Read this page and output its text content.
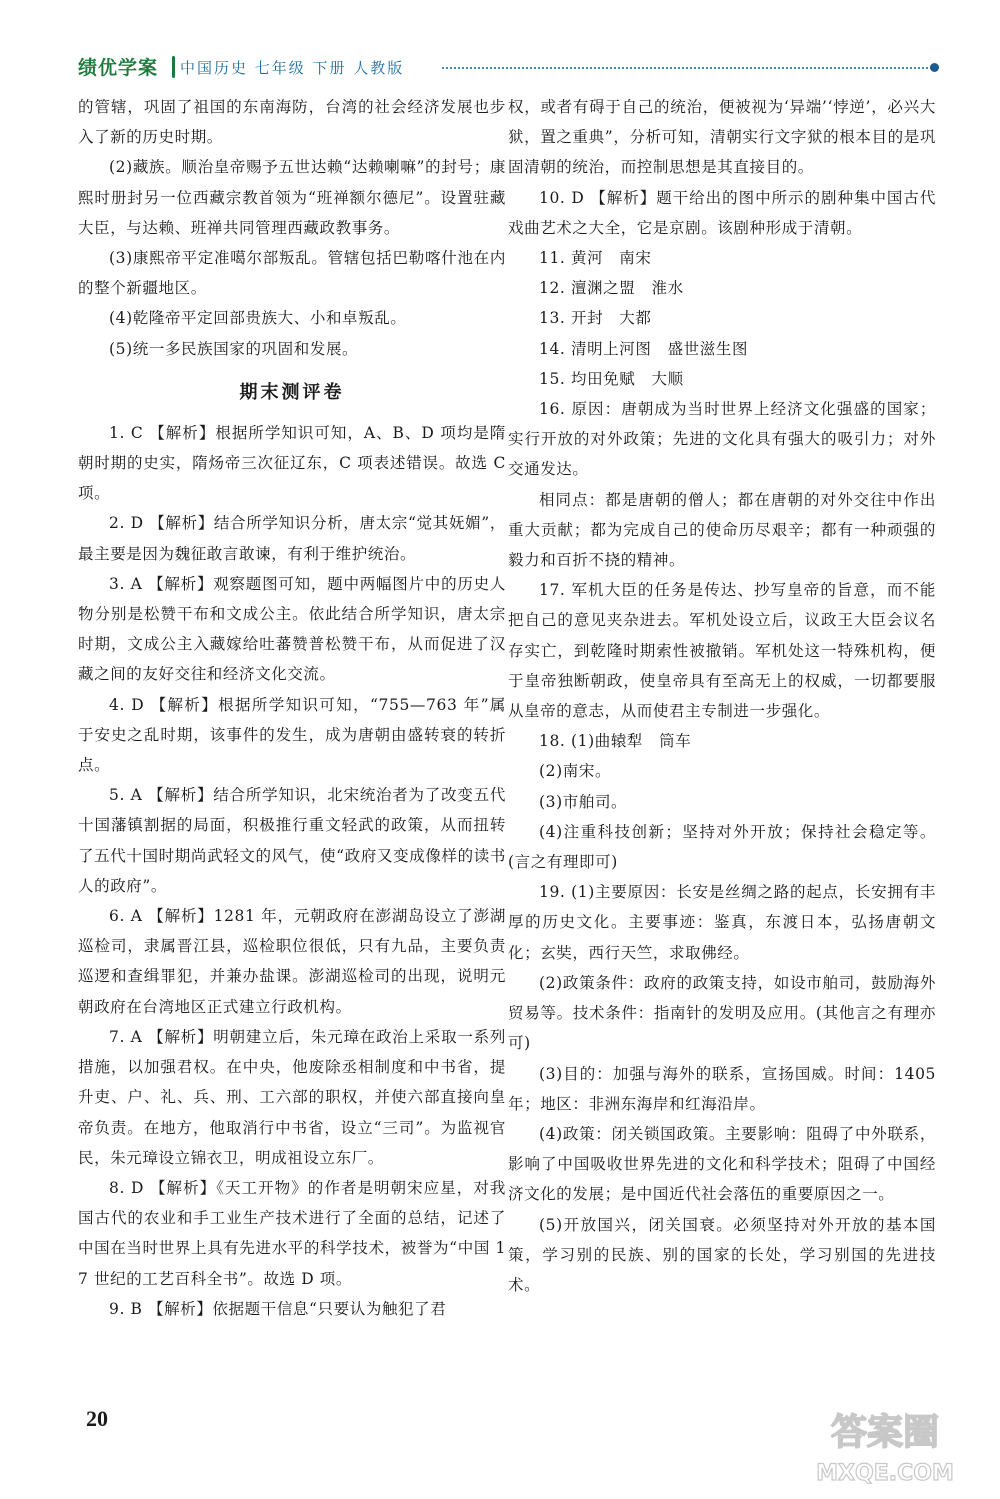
绩优学案	中国历史 七年级 下册 人教版

的管辖，巩固了祖国的东南海防，台湾的社会经济发展也步入了新的历史时期。

(2)藏族。顺治皇帝赐予五世达赖“达赖喇嘛”的封号；康熙时册封另一位西藏宗教首领为“班禅额尔德尼”。设置驻藏大臣，与达赖、班禅共同管理西藏政教事务。

(3)康熙帝平定准噶尔部叛乱。管辖包括巴勒喀什池在内的整个新疆地区。

(4)乾隆帝平定回部贵族大、小和卓叛乱。

(5)统一多民族国家的巩固和发展。

期末测评卷

1. C 【解析】根据所学知识可知，A、B、D 项均是隋朝时期的史实，隋炀帝三次征辽东，C 项表述错误。故选 C 项。

2. D 【解析】结合所学知识分析，唐太宗“觉其妩媚”，最主要是因为魏征敢言敢谏，有利于维护统治。

3. A 【解析】观察题图可知，题中两幅图片中的历史人物分别是松赞干布和文成公主。依此结合所学知识，唐太宗时期，文成公主入藏嫁给吐蕃赞普松赞干布，从而促进了汉藏之间的友好交往和经济文化交流。

4. D 【解析】根据所学知识可知，“755—763 年”属于安史之乱时期，该事件的发生，成为唐朝由盛转衰的转折点。

5. A 【解析】结合所学知识，北宋统治者为了改变五代十国藩镇割据的局面，积极推行重文轻武的政策，从而扭转了五代十国时期尚武轻文的风气，使“政府又变成像样的读书人的政府”。

6. A 【解析】1281 年，元朝政府在澎湖岛设立了澎湖巡检司，隶属晋江县，巡检职位很低，只有九品，主要负责巡逻和查缉罪犯，并兼办盐课。澎湖巡检司的出现，说明元朝政府在台湾地区正式建立行政机构。

7. A 【解析】明朝建立后，朱元璋在政治上采取一系列措施，以加强君权。在中央，他废除丞相制度和中书省，提升吏、户、礼、兵、刑、工六部的职权，并使六部直接向皇帝负责。在地方，他取消行中书省，设立“三司”。为监视官民，朱元璋设立锦衣卫，明成祖设立东厂。

8. D 【解析】《天工开物》的作者是明朝宋应星，对我国古代的农业和手工业生产技术进行了全面的总结，记述了中国在当时世界上具有先进水平的科学技术，被誉为“中国 17 世纪的工艺百科全书”。故选 D 项。

9. B 【解析】依据题干信息“只要认为触犯了君

权，或者有碍于自己的统治，便被视为‘异端’‘悖逆’，必兴大狱，置之重典”，分析可知，清朝实行文字狱的根本目的是巩固清朝的统治，而控制思想是其直接目的。

10. D 【解析】题干给出的图中所示的剧种集中国古代戏曲艺术之大全，它是京剧。该剧种形成于清朝。

11. 黄河　南宋

12. 澶渊之盟　淮水

13. 开封　大都

14. 清明上河图　盛世滋生图

15. 均田免赋　大顺

16. 原因：唐朝成为当时世界上经济文化强盛的国家；实行开放的对外政策；先进的文化具有强大的吸引力；对外交通发达。

相同点：都是唐朝的僧人；都在唐朝的对外交往中作出重大贡献；都为完成自己的使命历尽艰辛；都有一种顽强的毅力和百折不挠的精神。

17. 军机大臣的任务是传达、抄写皇帝的旨意，而不能把自己的意见夹杂进去。军机处设立后，议政王大臣会议名存实亡，到乾隆时期索性被撤销。军机处这一特殊机构，便于皇帝独断朝政，使皇帝具有至高无上的权威，一切都要服从皇帝的意志，从而使君主专制进一步强化。

18. (1)曲辕犁　筒车

(2)南宋。

(3)市舶司。

(4)注重科技创新；坚持对外开放；保持社会稳定等。(言之有理即可)

19. (1)主要原因：长安是丝绸之路的起点，长安拥有丰厚的历史文化。主要事迹：鉴真，东渡日本，弘扬唐朝文化；玄奘，西行天竺，求取佛经。

(2)政策条件：政府的政策支持，如设市舶司，鼓励海外贸易等。技术条件：指南针的发明及应用。(其他言之有理亦可)

(3)目的：加强与海外的联系，宣扬国威。时间：1405 年；地区：非洲东海岸和红海沿岸。

(4)政策：闭关锁国政策。主要影响：阻碍了中外联系，影响了中国吸收世界先进的文化和科学技术；阻碍了中国经济文化的发展；是中国近代社会落伍的重要原因之一。

(5)开放国兴，闭关国衰。必须坚持对外开放的基本国策，学习别的民族、别的国家的长处，学习别国的先进技术。

20	答案圈
MXQE.COM
